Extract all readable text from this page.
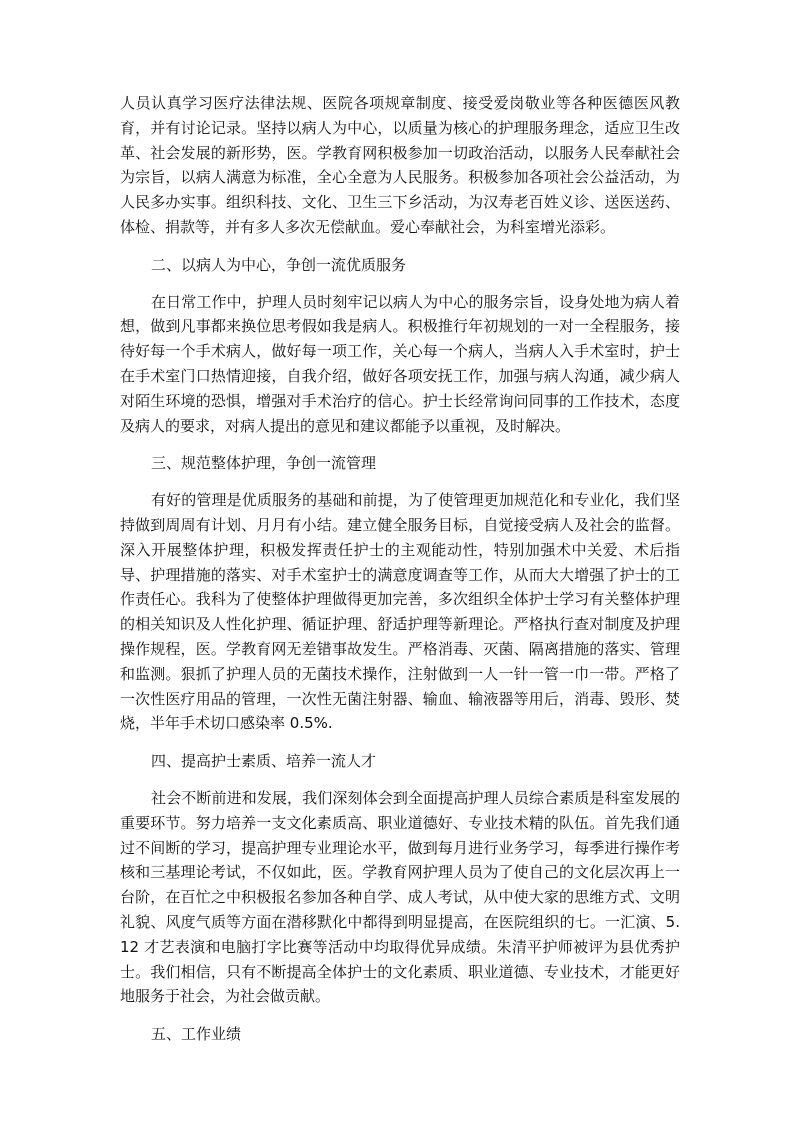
人员认真学习医疗法律法规、医院各项规章制度、接受爱岗敬业等各种医德医风教育，并有讨论记录。坚持以病人为中心，以质量为核心的护理服务理念，适应卫生改革、社会发展的新形势，医。学教育网积极参加一切政治活动，以服务人民奉献社会为宗旨，以病人满意为标准，全心全意为人民服务。积极参加各项社会公益活动，为人民多办实事。组织科技、文化、卫生三下乡活动，为汉寿老百姓义诊、送医送药、体检、捐款等，并有多人多次无偿献血。爱心奉献社会，为科室增光添彩。

二、以病人为中心，争创一流优质服务

在日常工作中，护理人员时刻牢记以病人为中心的服务宗旨，设身处地为病人着想，做到凡事都来换位思考假如我是病人。积极推行年初规划的一对一全程服务，接待好每一个手术病人，做好每一项工作，关心每一个病人，当病人入手术室时，护士在手术室门口热情迎接，自我介绍，做好各项安抚工作，加强与病人沟通，减少病人对陌生环境的恐惧，增强对手术治疗的信心。护士长经常询问同事的工作技术，态度及病人的要求，对病人提出的意见和建议都能予以重视，及时解决。

三、规范整体护理，争创一流管理

有好的管理是优质服务的基础和前提，为了使管理更加规范化和专业化，我们坚持做到周周有计划、月月有小结。建立健全服务目标，自觉接受病人及社会的监督。深入开展整体护理，积极发挥责任护士的主观能动性，特别加强术中关爱、术后指导、护理措施的落实、对手术室护士的满意度调查等工作，从而大大增强了护士的工作责任心。我科为了使整体护理做得更加完善，多次组织全体护士学习有关整体护理的相关知识及人性化护理、循证护理、舒适护理等新理论。严格执行查对制度及护理操作规程，医。学教育网无差错事故发生。严格消毒、灭菌、隔离措施的落实、管理和监测。狠抓了护理人员的无菌技术操作，注射做到一人一针一管一巾一带。严格了一次性医疗用品的管理，一次性无菌注射器、输血、输液器等用后，消毒、毁形、焚烧，半年手术切口感染率 0.5%.

四、提高护士素质、培养一流人才

社会不断前进和发展，我们深刻体会到全面提高护理人员综合素质是科室发展的重要环节。努力培养一支文化素质高、职业道德好、专业技术精的队伍。首先我们通过不间断的学习，提高护理专业理论水平，做到每月进行业务学习，每季进行操作考核和三基理论考试，不仅如此，医。学教育网护理人员为了使自己的文化层次再上一台阶，在百忙之中积极报名参加各种自学、成人考试，从中使大家的思维方式、文明礼貌、风度气质等方面在潜移默化中都得到明显提高，在医院组织的七。一汇演、5.12 才艺表演和电脑打字比赛等活动中均取得优异成绩。朱清平护师被评为县优秀护士。我们相信，只有不断提高全体护士的文化素质、职业道德、专业技术，才能更好地服务于社会，为社会做贡献。

五、工作业绩
